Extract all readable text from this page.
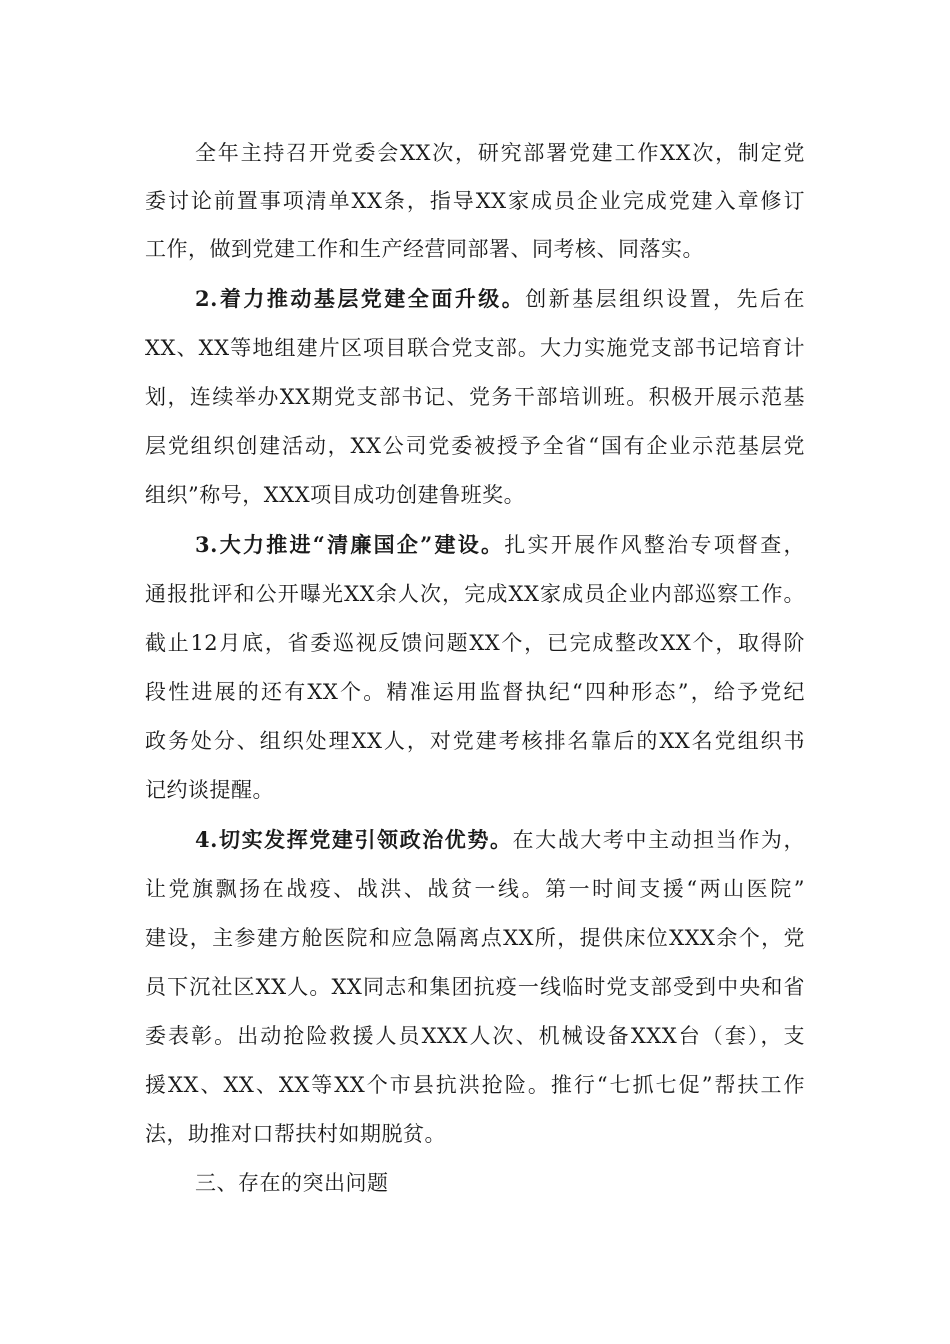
全年主持召开党委会XX次，研究部署党建工作XX次，制定党
委讨论前置事项清单XX条，指导XX家成员企业完成党建入章修订
工作，做到党建工作和生产经营同部署、同考核、同落实。
2.着力推动基层党建全面升级。创新基层组织设置，先后在
XX、XX等地组建片区项目联合党支部。大力实施党支部书记培育计
划，连续举办XX期党支部书记、党务干部培训班。积极开展示范基
层党组织创建活动，XX公司党委被授予全省“国有企业示范基层党
组织”称号，XXX项目成功创建鲁班奖。
3.大力推进“清廉国企”建设。扎实开展作风整治专项督查，
通报批评和公开曝光XX余人次，完成XX家成员企业内部巡察工作。
截止12月底，省委巡视反馈问题XX个，已完成整改XX个，取得阶
段性进展的还有XX个。精准运用监督执纪“四种形态”，给予党纪
政务处分、组织处理XX人，对党建考核排名靠后的XX名党组织书
记约谈提醒。
4.切实发挥党建引领政治优势。在大战大考中主动担当作为，
让党旗飘扬在战疫、战洪、战贫一线。第一时间支援“两山医院”
建设，主参建方舱医院和应急隔离点XX所，提供床位XXX余个，党
员下沉社区XX人。XX同志和集团抗疫一线临时党支部受到中央和省
委表彰。出动抢险救援人员XXX人次、机械设备XXX台（套），支
援XX、XX、XX等XX个市县抗洪抢险。推行“七抓七促”帮扶工作
法，助推对口帮扶村如期脱贫。
三、存在的突出问题
